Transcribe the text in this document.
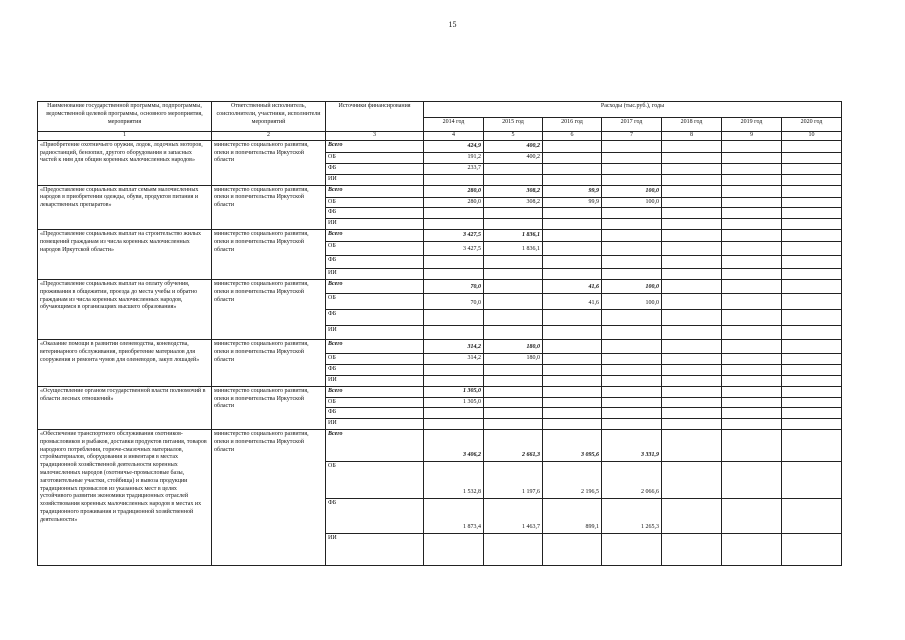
15
Наименование государственной программы, подпрограммы, ведомственной целевой программы, основного мероприятия, мероприятия	Ответственный исполнитель, соисполнители, участники, исполнители мероприятий	Источники финансирования	Расходы (тыс.руб.), годы						
			2014 год	2015 год	2016 год	2017 год	2018 год	2019 год	2020 год
1	2	3	4	5	6	7	8	9	10
«Приобретение охотничьего оружия, лодок, лодочных моторов, радиостанций, бензопил, другого оборудования и запасных частей к ним для общин коренных малочисленных народов»	министерство социального развития, опеки и попечительства Иркутской области	Всего	424,9	400,2					
		ОБ	191,2	400,2					
		ФБ	233,7						
		ИИ							
«Предоставление социальных выплат семьям малочисленных народов в приобретении одежды, обуви, продуктов питания и лекарственных препаратов»	министерство социального развития, опеки и попечительства Иркутской области	Всего	280,0	308,2	99,9	100,0			
		ОБ	280,0	308,2	99,9	100,0			
		ФБ							
		ИИ							
«Предоставление социальных выплат на строительство жилых помещений гражданам из числа коренных малочисленных народов Иркутской области»	министерство социального развития, опеки и попечительства Иркутской области	Всего	3 427,5	1 836,1					
		ОБ	3 427,5	1 836,1					
		ФБ							
		ИИ							
«Предоставление социальных выплат на оплату обучения, проживания в общежитии, проезда до места учебы и обратно гражданам из числа коренных малочисленных народов, обучающимся в организациях высшего образования»	министерство социального развития, опеки и попечительства Иркутской области	Всего	70,0		41,6	100,0			
		ОБ	70,0		41,6	100,0			
		ФБ							
		ИИ							
«Оказание помощи в развитии оленеводства, коневодства, ветеринарного обслуживания, приобретение материалов для сооружения и ремонта чумов для оленеводов, закуп лошадей»	министерство социального развития, опеки и попечительства Иркутской области	Всего	314,2	180,0					
		ОБ	314,2	180,0					
		ФБ							
		ИИ							
«Осуществление органом государственной власти полномочий в области лесных отношений»	министерство социального развития, опеки и попечительства Иркутской области	Всего	1 305,0						
		ОБ	1 305,0						
		ФБ							
		ИИ							
«Обеспечение транспортного обслуживания охотников-промысловиков и рыбаков, доставки продуктов питания, товаров народного потребления, горюче-смазочных материалов, стройматериалов, оборудования и инвентаря в местах традиционной хозяйственной деятельности коренных малочисленных народов (охотничье-промысловые базы, заготовительные участки, стойбища) и вывоза продукции традиционных промыслов из указанных мест в целях устойчивого развития экономики традиционных отраслей хозяйствования коренных малочисленных народов в местах их традиционного проживания и традиционной хозяйственной деятельности»	министерство социального развития, опеки и попечительства Иркутской области	Всего	3 406,2	2 661,3	3 095,6	3 331,9			
		ОБ	1 532,8	1 197,6	2 196,5	2 066,6			
		ФБ	1 873,4	1 463,7	899,1	1 265,3			
		ИИ							
